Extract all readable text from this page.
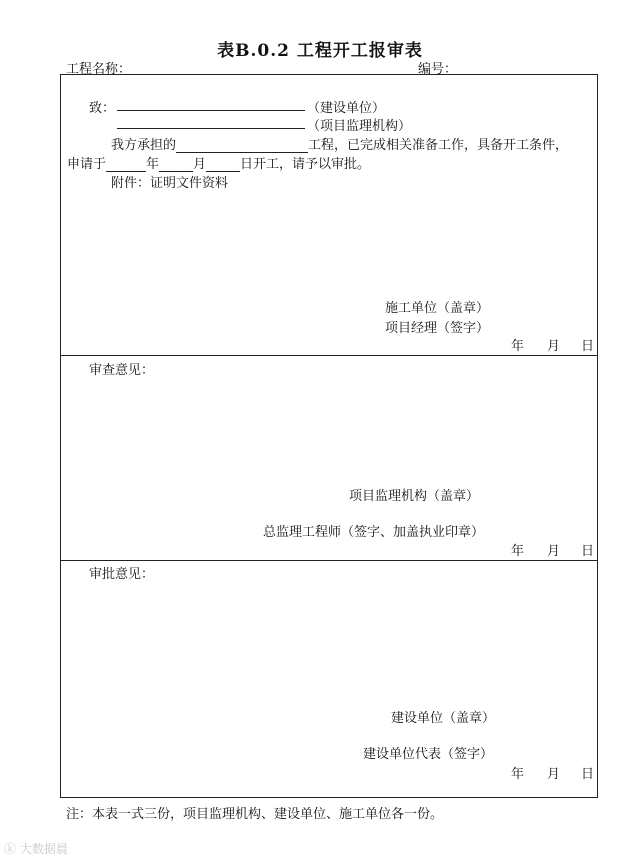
表B.0.2 工程开工报审表
工程名称：	编号：
致：	（建设单位）
（项目监理机构）
我方承担的	工程，已完成相关准备工作，具备开工条件，
申请于	年	月	日开工，请予以审批。
附件：证明文件资料
施工单位（盖章）
项目经理（签字）
年 月 日
审查意见：
项目监理机构（盖章）
总监理工程师（签字、加盖执业印章）
年 月 日
审批意见：
建设单位（盖章）
建设单位代表（签字）
年 月 日
注：本表一式三份，项目监理机构、建设单位、施工单位各一份。
ⓚ 大数据晨
